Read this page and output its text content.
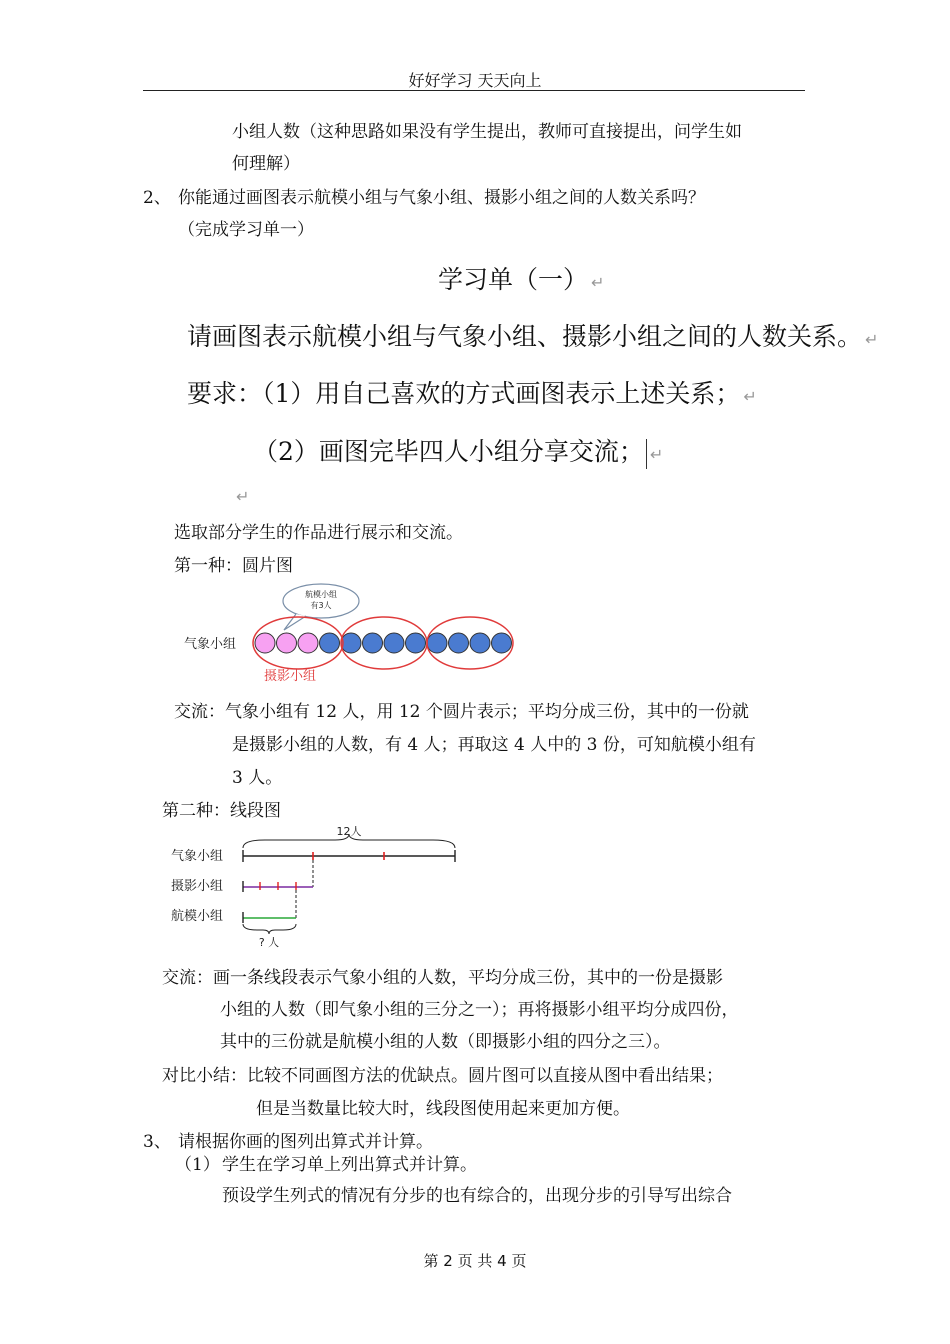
好好学习 天天向上
小组人数（这种思路如果没有学生提出，教师可直接提出，问学生如
何理解）
2、 你能通过画图表示航模小组与气象小组、摄影小组之间的人数关系吗？
（完成学习单一）
学习单（一） ↵
请画图表示航模小组与气象小组、摄影小组之间的人数关系。 ↵
要求：（1）用自己喜欢的方式画图表示上述关系； ↵
（2）画图完毕四人小组分享交流； ↵
↵
选取部分学生的作品进行展示和交流。
第一种：圆片图
气象小组
航模小组
有3人
摄影小组
交流：气象小组有 12 人，用 12 个圆片表示；平均分成三份，其中的一份就
是摄影小组的人数，有 4 人；再取这 4 人中的 3 份，可知航模小组有
3 人。
第二种：线段图
12人
气象小组
摄影小组
航模小组
? 人
交流：画一条线段表示气象小组的人数，平均分成三份，其中的一份是摄影
小组的人数（即气象小组的三分之一）；再将摄影小组平均分成四份，
其中的三份就是航模小组的人数（即摄影小组的四分之三）。
对比小结：比较不同画图方法的优缺点。圆片图可以直接从图中看出结果；
但是当数量比较大时，线段图使用起来更加方便。
3、 请根据你画的图列出算式并计算。
（1） 学生在学习单上列出算式并计算。
预设学生列式的情况有分步的也有综合的，出现分步的引导写出综合
第 2 页 共 4 页
